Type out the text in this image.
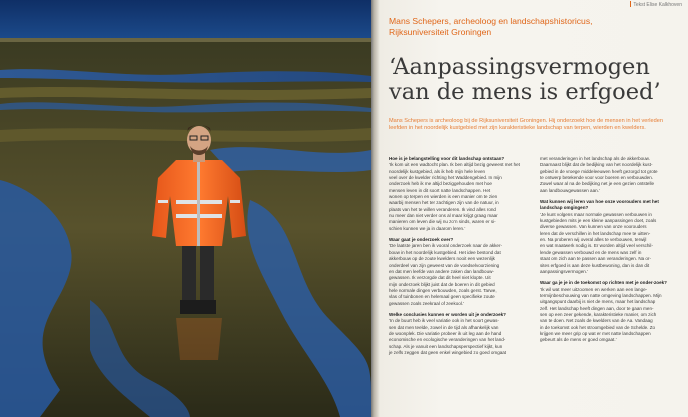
Tekst Elise Kalkhoven
Mans Schepers, archeoloog en landschapshistoricus, Rijksuniversiteit Groningen
‘Aanpassingsvermogen
van de mens is erfgoed’
Mans Schepers is archeoloog bij de Rijksuniversiteit Groningen. Hij onderzoekt hoe de mensen in het verleden leefden in het noordelijk kustgebied met zijn karakteristieke landschap van terpen, wierden en kwelders.

Hoe is je belangstelling voor dit landschap ontstaan?

‘Ik kom uit een wadtocht plan. Ik ben altijd bezig geweest met het

noordelijk kustgebied, als ik heb mijn hele leven

veel over de kwelder richting het Waddengebied. In mijn

onderzoek heb ik me altijd beziggehouden met hoe

mensen leven in dit soort natte landschappen. Het

wonen op terpen en wierden is een manier om te zien

waarbij mensen het ter zachtigen zijn van de natuur, in

plaats van het te willen veranderen. Ik vind alles rond

nu meer dan niet verder ons al maar krijgt graag maar

manieren om leven die wij nu zo’n sinds, waren er si-

schien kunnen we ja in daarom leren.’

Waar gaat je onderzoek over?

‘De laatste jaren ben ik vooral onderzoek naar de akker-

bouw in het noordelijk kustgebied. Het idee bestond dat

akkerbouw op de zoute kwelders nooit een wezenlijk

onderdeel van zijn geweest van de voedselvoorziening

en dat men leefde van andere zaken dan landbouw-

gewassen. Ik verzorgde dat dit heel niet klopte. Uit

mijn onderzoek blijkt juist dat de boeren in dit gebied

hele normale dingen verbouwden, zoals gerst. Tarwe,

vlas of tuinbonen en helemaal geen specifieke zoute

gewassen zoals zeekraal of zeekool.’

Welke conclusies kunnen er worden uit je onderzoek?

‘In de buurt heb ik veel variatie ook in het soort gewas-

sen dat men teelde, zowel in de tijd als afhankelijk van

de woonplek. Die variatie probeer ik uit leg aan de hand

economische en ecologische veranderingen van het land-

schap. Als je vanuit een landschapsperspectief kijkt, kun

je zelfs zeggen dat geen enkel wingebied zo goed omgaat

met veranderingen in het landschap als de akkerbouw.

Daarnaast blijkt dat de bedijking van het noordelijk kust-

gebied in de vroege middeleeuwen heeft gezorgd tot grote

te ontwerp betekende voor voor boeren en verbouwden.

Zowel waar al na de bedijking net je een gezien ontstelle

aan landbouwgewassen aan.’

Wat kunnen wij leren van hoe onze voorouders met het landschap omgingen?

‘Je kunt volgens maar normale gewassen verbouwen in

kustgebieden mits je een kleine aanpassingen doet, zoals

diverse gewassen. Van kunnen van onze voorouders

leren dat de verschillen in het landschap mee te uitten-

en. Na proberen wij overal alles te verbouwen, terwijl

en wat maatwerk nodig is. Er worden altijd veel verschil-

lende gewassen verbouwd en de mens was zelf in

staat om zich aan te passen aan veranderingen. Na or-

sites erfgoed is aan deze kustbewoning, dan is dan dit

aanpassingsvermogen.’

Waar ga je je in de toekomst op richten met je onder-zoek?

‘Ik wil wat meer uitzoomen en werken aan een lange-

termijnbeschouwing van natte omgeving landschappen. Mijn

uitgangspunt daarbij is niet de mens, maar het landschap

zelf. Het landschap heeft dingen aan, door te gaan men-

sen op een zeer gekende, karakteristieke manier, om zich

van te doen. Net zoals de kwelders van de Aa. Vandaag

in de toekomst ook het stroomgebied van de Schelde. Zo

krijgen we meer grip op wat er met natte landschappen

gebeurt als de mens er goed omgaat.’
